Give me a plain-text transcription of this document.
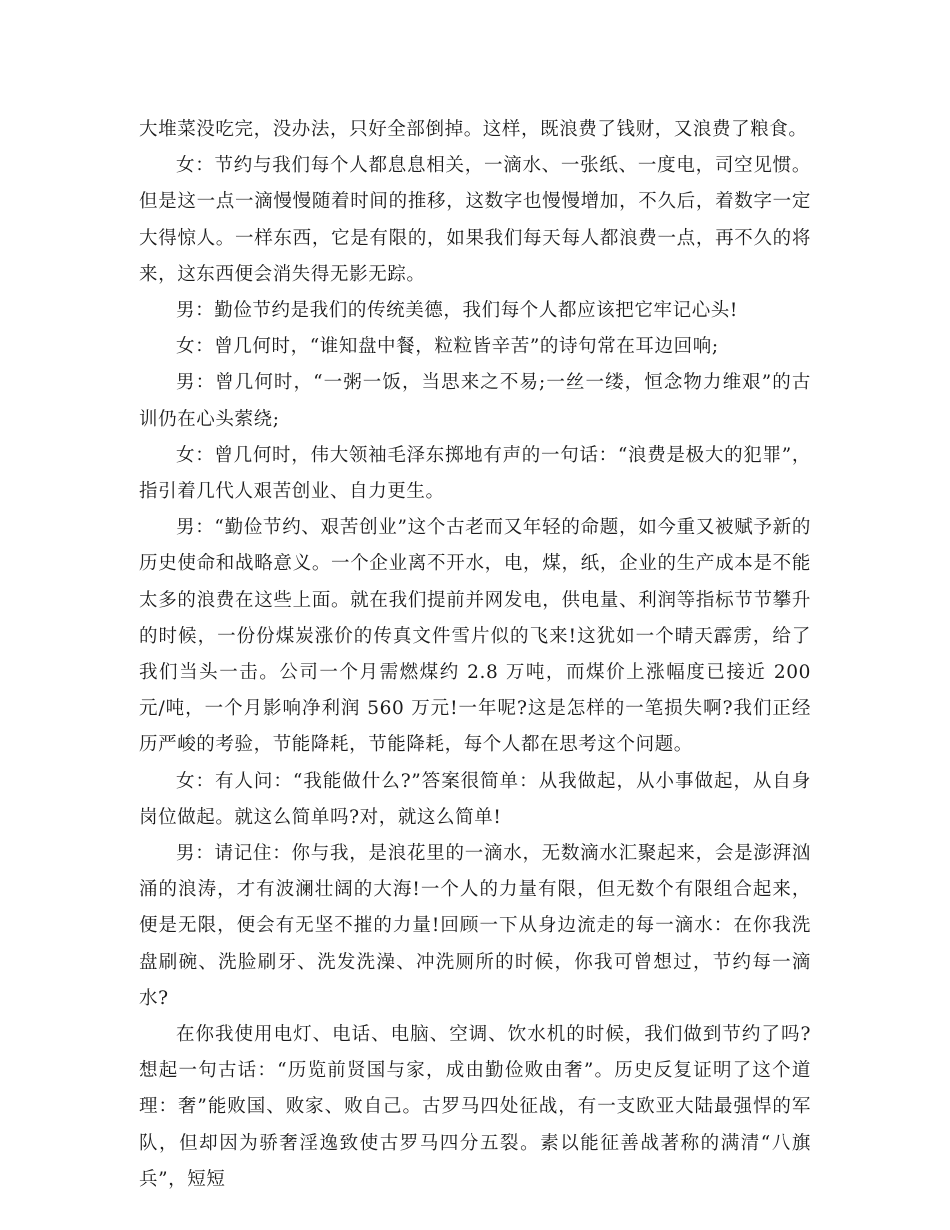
大堆菜没吃完，没办法，只好全部倒掉。这样，既浪费了钱财，又浪费了粮食。

女：节约与我们每个人都息息相关，一滴水、一张纸、一度电，司空见惯。但是这一点一滴慢慢随着时间的推移，这数字也慢慢增加，不久后，着数字一定大得惊人。一样东西，它是有限的，如果我们每天每人都浪费一点，再不久的将来，这东西便会消失得无影无踪。

男：勤俭节约是我们的传统美德，我们每个人都应该把它牢记心头!

女：曾几何时，“谁知盘中餐，粒粒皆辛苦”的诗句常在耳边回响;

男：曾几何时，“一粥一饭，当思来之不易;一丝一缕，恒念物力维艰”的古训仍在心头萦绕;

女：曾几何时，伟大领袖毛泽东掷地有声的一句话：“浪费是极大的犯罪”，指引着几代人艰苦创业、自力更生。

男：“勤俭节约、艰苦创业”这个古老而又年轻的命题，如今重又被赋予新的历史使命和战略意义。一个企业离不开水，电，煤，纸，企业的生产成本是不能太多的浪费在这些上面。就在我们提前并网发电，供电量、利润等指标节节攀升的时候，一份份煤炭涨价的传真文件雪片似的飞来!这犹如一个晴天霹雳，给了我们当头一击。公司一个月需燃煤约 2.8 万吨，而煤价上涨幅度已接近 200 元/吨，一个月影响净利润 560 万元!一年呢?这是怎样的一笔损失啊?我们正经历严峻的考验，节能降耗，节能降耗，每个人都在思考这个问题。

女：有人问：“我能做什么?”答案很简单：从我做起，从小事做起，从自身岗位做起。就这么简单吗?对，就这么简单!

男：请记住：你与我，是浪花里的一滴水，无数滴水汇聚起来，会是澎湃汹涌的浪涛，才有波澜壮阔的大海!一个人的力量有限，但无数个有限组合起来，便是无限，便会有无坚不摧的力量!回顾一下从身边流走的每一滴水：在你我洗盘刷碗、洗脸刷牙、洗发洗澡、冲洗厕所的时候，你我可曾想过，节约每一滴水?

在你我使用电灯、电话、电脑、空调、饮水机的时候，我们做到节约了吗? 想起一句古话：“历览前贤国与家，成由勤俭败由奢”。历史反复证明了这个道理：奢”能败国、败家、败自己。古罗马四处征战，有一支欧亚大陆最强悍的军队，但却因为骄奢淫逸致使古罗马四分五裂。素以能征善战著称的满清“八旗兵”，短短
